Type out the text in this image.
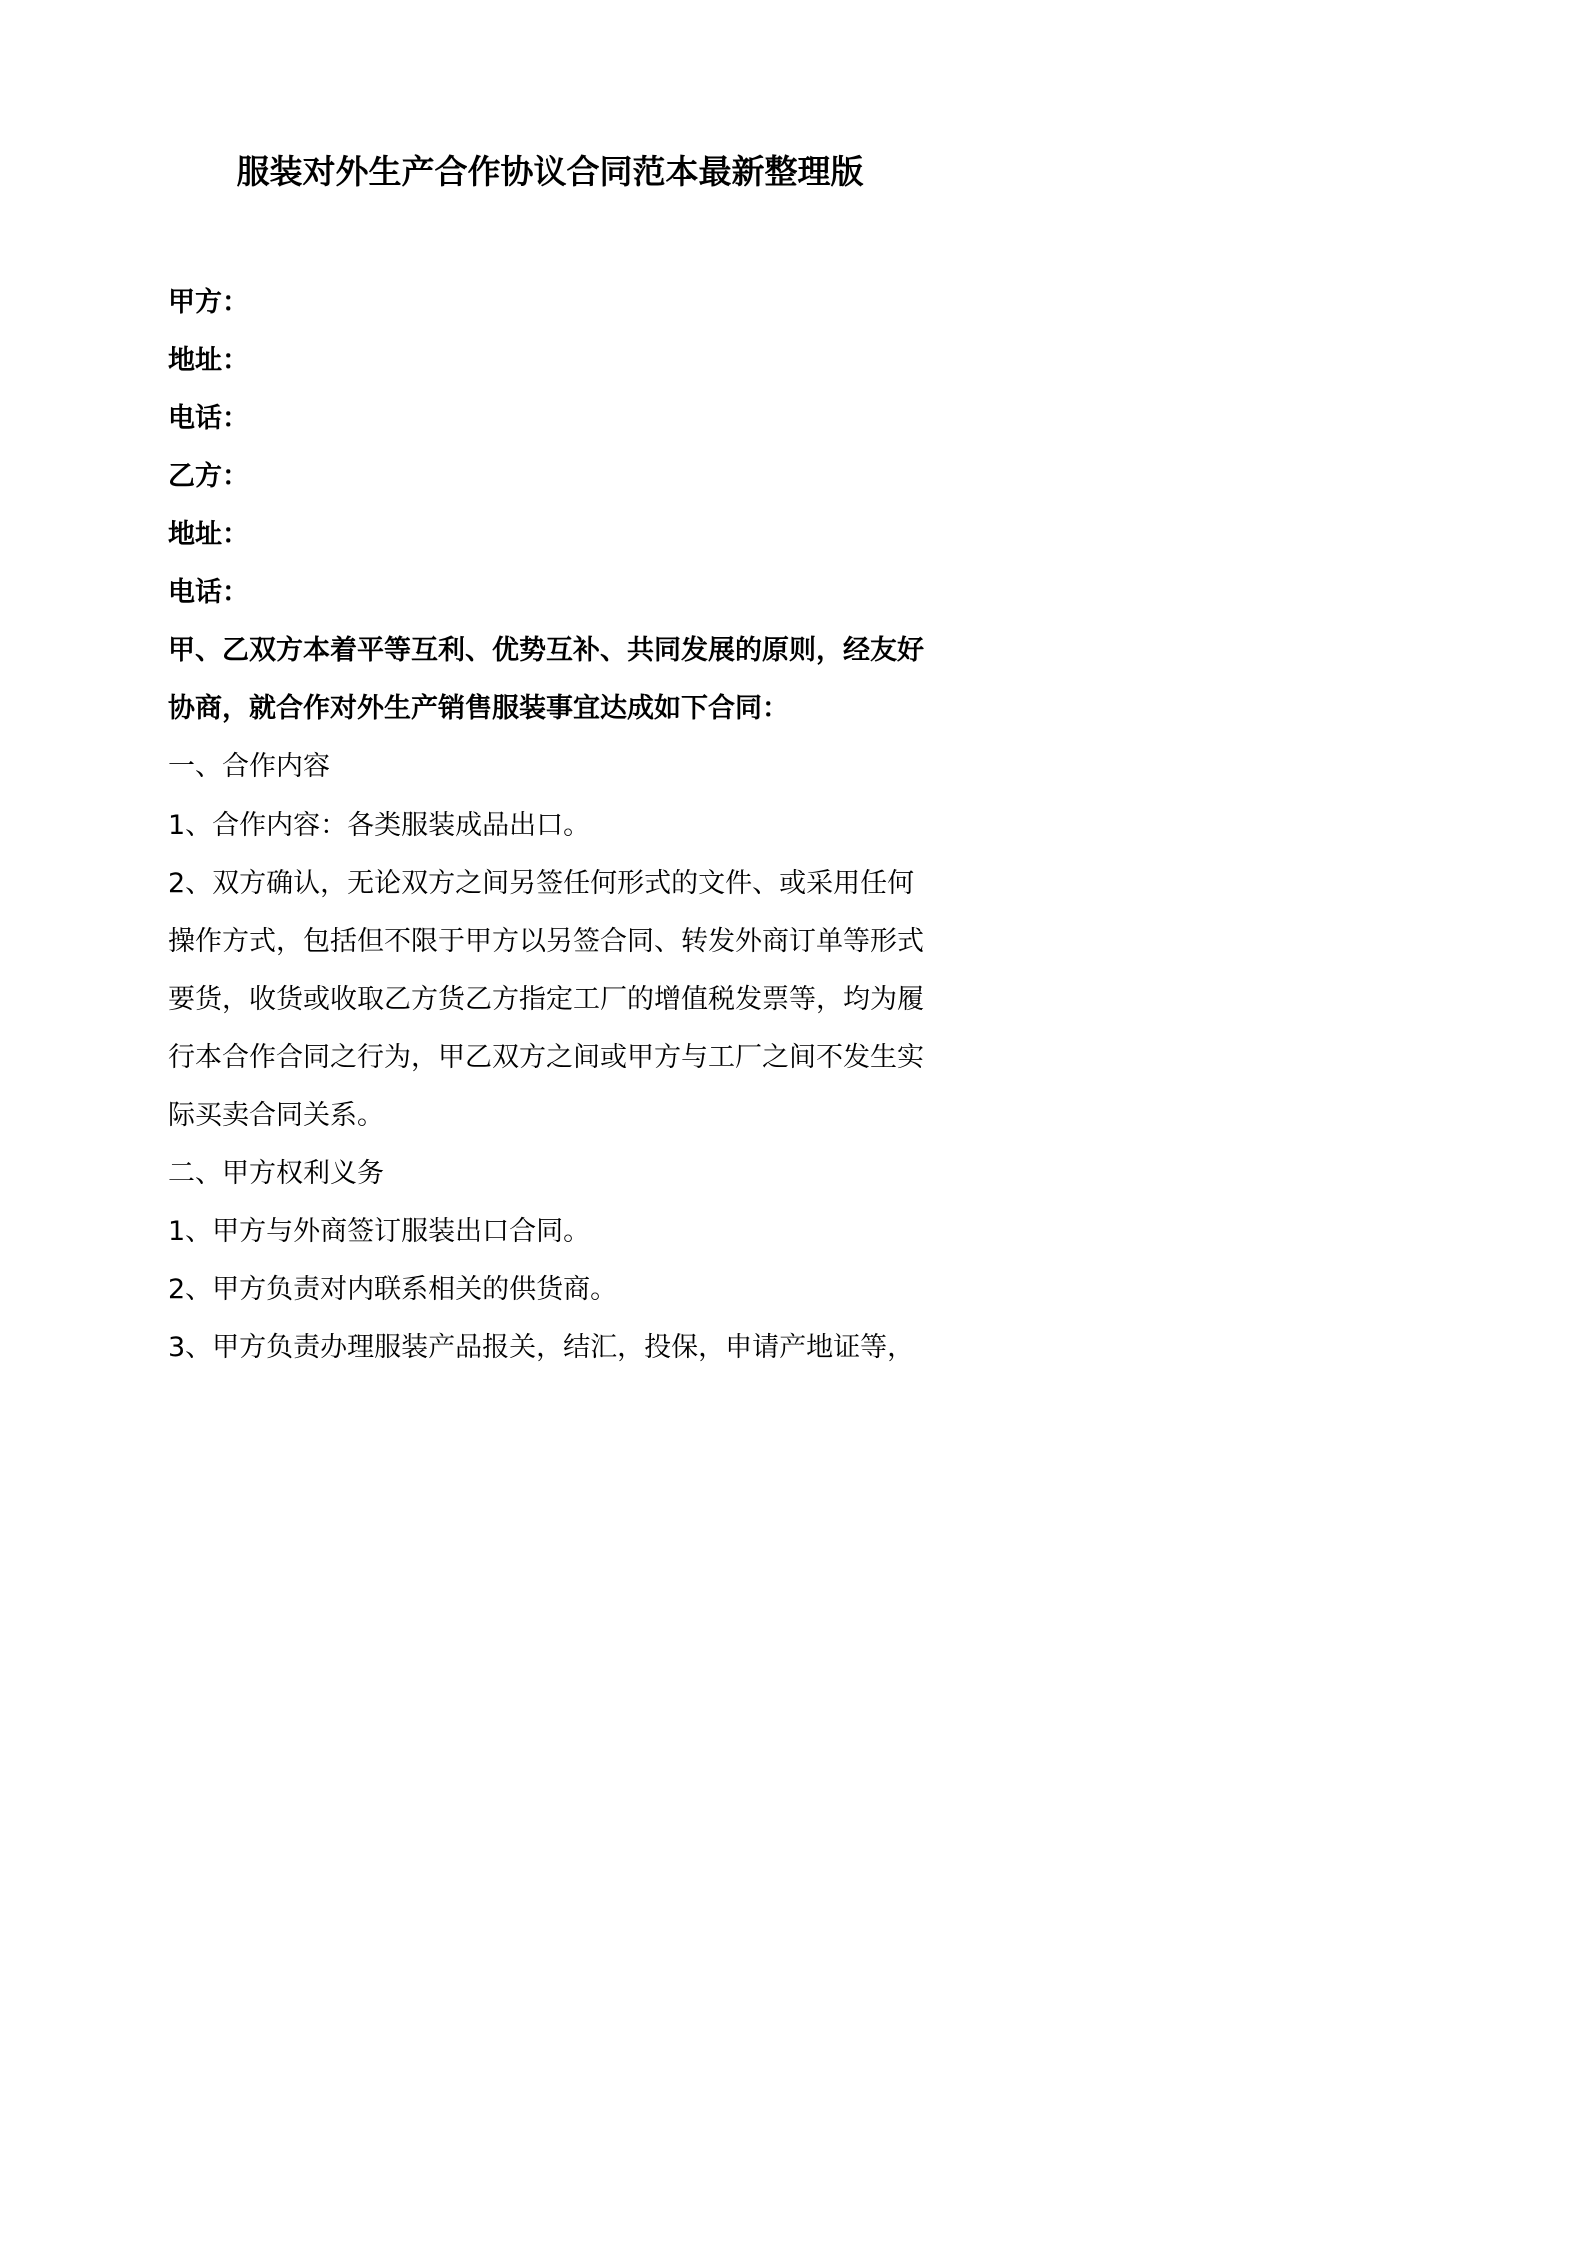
服装对外生产合作协议合同范本最新整理版
甲方：
地址：
电话：
乙方：
地址：
电话：
甲、乙双方本着平等互利、优势互补、共同发展的原则，经友好
协商，就合作对外生产销售服装事宜达成如下合同：
一、合作内容
1、合作内容：各类服装成品出口。
2、双方确认，无论双方之间另签任何形式的文件、或采用任何
操作方式，包括但不限于甲方以另签合同、转发外商订单等形式
要货，收货或收取乙方货乙方指定工厂的增值税发票等，均为履
行本合作合同之行为，甲乙双方之间或甲方与工厂之间不发生实
际买卖合同关系。
二、甲方权利义务
1、甲方与外商签订服装出口合同。
2、甲方负责对内联系相关的供货商。
3、甲方负责办理服装产品报关，结汇，投保，申请产地证等，
